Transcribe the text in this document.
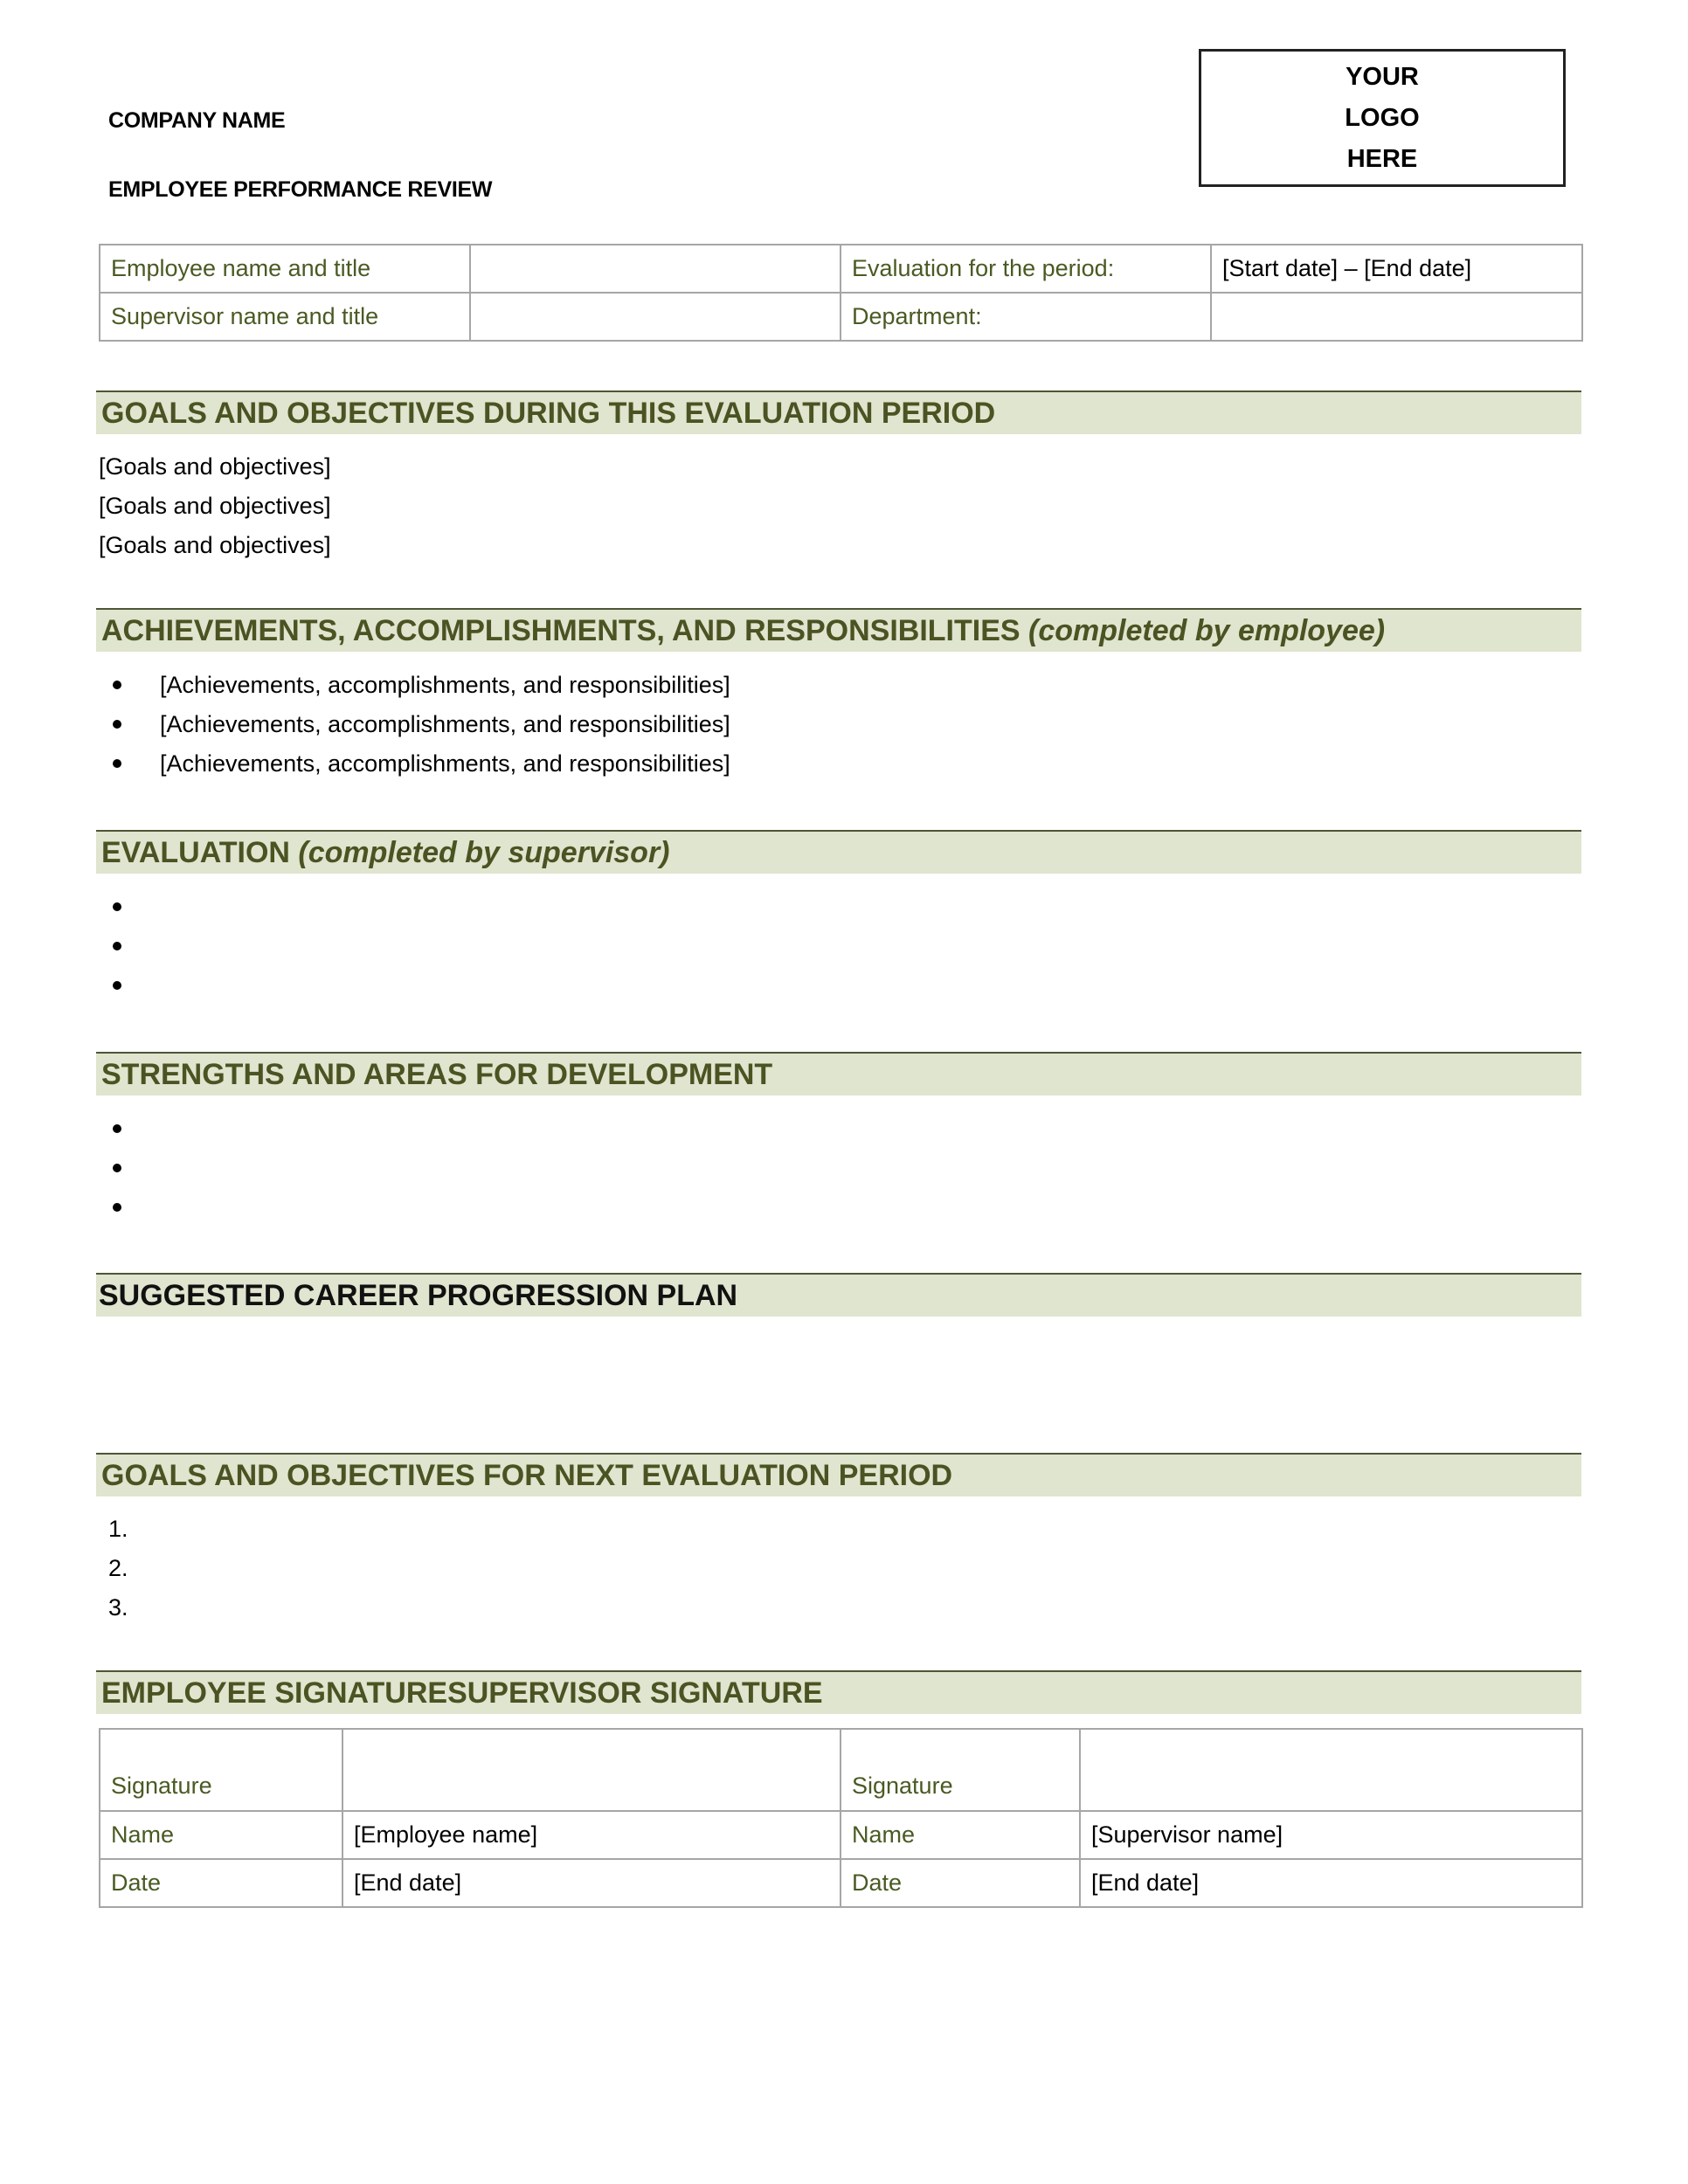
COMPANY NAME
EMPLOYEE PERFORMANCE REVIEW
YOUR
LOGO
HERE
Employee name and title		Evaluation for the period:	[Start date] – [End date]
Supervisor name and title		Department:	
GOALS AND OBJECTIVES DURING THIS EVALUATION PERIOD
[Goals and objectives]
[Goals and objectives]
[Goals and objectives]
ACHIEVEMENTS, ACCOMPLISHMENTS, AND RESPONSIBILITIES (completed by employee)
[Achievements, accomplishments, and responsibilities]
[Achievements, accomplishments, and responsibilities]
[Achievements, accomplishments, and responsibilities]
EVALUATION (completed by supervisor)
STRENGTHS AND AREAS FOR DEVELOPMENT
SUGGESTED CAREER PROGRESSION PLAN
GOALS AND OBJECTIVES FOR NEXT EVALUATION PERIOD
1.
2.
3.
EMPLOYEE SIGNATURESUPERVISOR SIGNATURE
Signature		Signature	
Name	[Employee name]	Name	[Supervisor name]
Date	[End date]	Date	[End date]
